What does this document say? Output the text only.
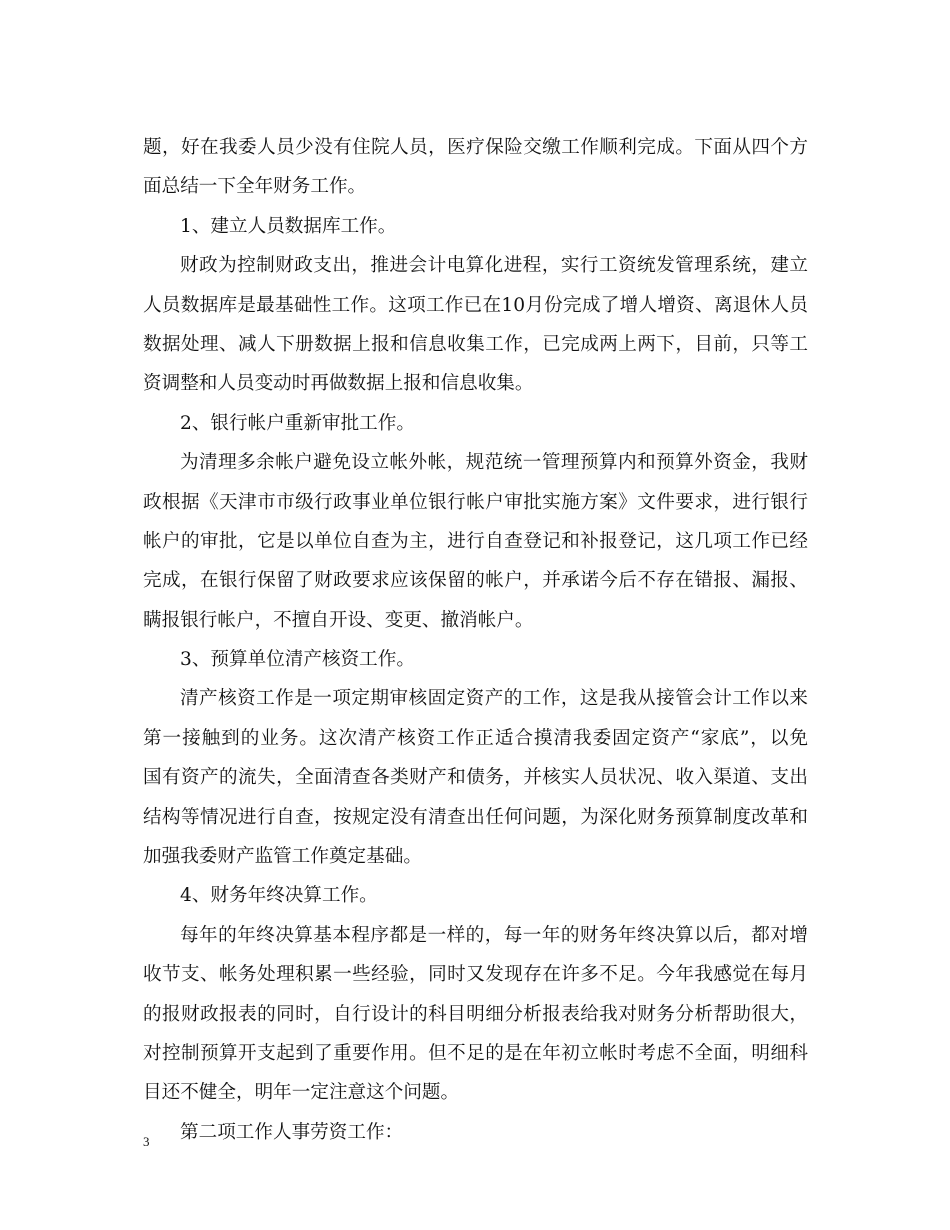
题，好在我委人员少没有住院人员，医疗保险交缴工作顺利完成。下面从四个方
面总结一下全年财务工作。
1、建立人员数据库工作。
财政为控制财政支出，推进会计电算化进程，实行工资统发管理系统，建立
人员数据库是最基础性工作。这项工作已在10月份完成了增人增资、离退休人员
数据处理、减人下册数据上报和信息收集工作，已完成两上两下，目前，只等工
资调整和人员变动时再做数据上报和信息收集。
2、银行帐户重新审批工作。
为清理多余帐户避免设立帐外帐，规范统一管理预算内和预算外资金，我财
政根据《天津市市级行政事业单位银行帐户审批实施方案》文件要求，进行银行
帐户的审批，它是以单位自查为主，进行自查登记和补报登记，这几项工作已经
完成，在银行保留了财政要求应该保留的帐户，并承诺今后不存在错报、漏报、
瞒报银行帐户，不擅自开设、变更、撤消帐户。
3、预算单位清产核资工作。
清产核资工作是一项定期审核固定资产的工作，这是我从接管会计工作以来
第一接触到的业务。这次清产核资工作正适合摸清我委固定资产“家底”，以免
国有资产的流失，全面清查各类财产和债务，并核实人员状况、收入渠道、支出
结构等情况进行自查，按规定没有清查出任何问题，为深化财务预算制度改革和
加强我委财产监管工作奠定基础。
4、财务年终决算工作。
每年的年终决算基本程序都是一样的，每一年的财务年终决算以后，都对增
收节支、帐务处理积累一些经验，同时又发现存在许多不足。今年我感觉在每月
的报财政报表的同时，自行设计的科目明细分析报表给我对财务分析帮助很大，
对控制预算开支起到了重要作用。但不足的是在年初立帐时考虑不全面，明细科
目还不健全，明年一定注意这个问题。
第二项工作人事劳资工作：
3
